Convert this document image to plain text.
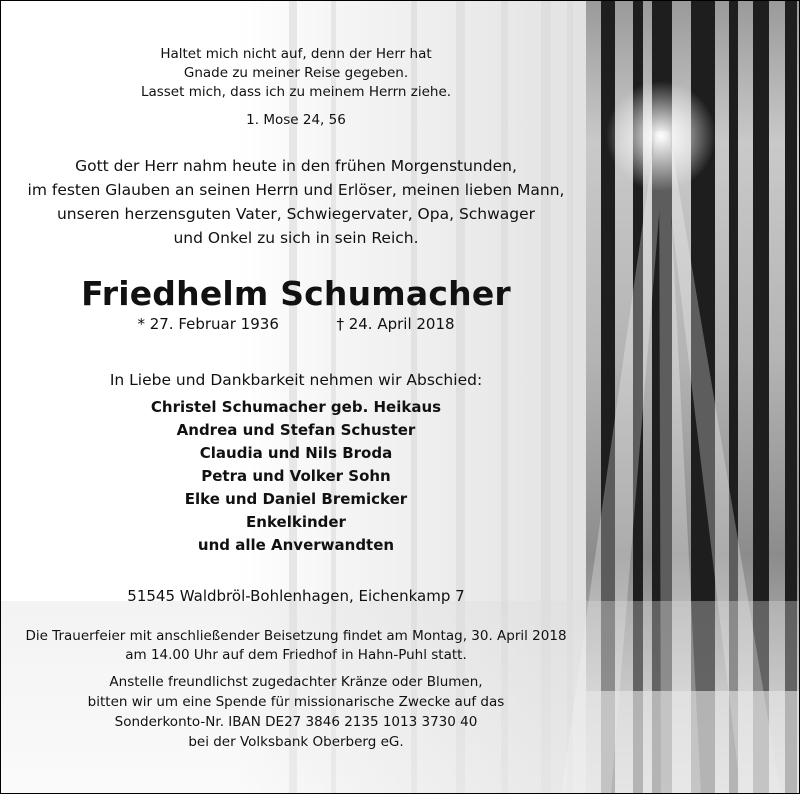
Haltet mich nicht auf, denn der Herr hat
Gnade zu meiner Reise gegeben.
Lasset mich, dass ich zu meinem Herrn ziehe.
1. Mose 24, 56
Gott der Herr nahm heute in den frühen Morgenstunden,
im festen Glauben an seinen Herrn und Erlöser, meinen lieben Mann,
unseren herzensguten Vater, Schwiegervater, Opa, Schwager
und Onkel zu sich in sein Reich.
Friedhelm Schumacher
* 27. Februar 1936	† 24. April 2018
In Liebe und Dankbarkeit nehmen wir Abschied:
Christel Schumacher geb. Heikaus
Andrea und Stefan Schuster
Claudia und Nils Broda
Petra und Volker Sohn
Elke und Daniel Bremicker
Enkelkinder
und alle Anverwandten
51545 Waldbröl-Bohlenhagen, Eichenkamp 7
Die Trauerfeier mit anschließender Beisetzung findet am Montag, 30. April 2018
am 14.00 Uhr auf dem Friedhof in Hahn-Puhl statt.
Anstelle freundlichst zugedachter Kränze oder Blumen,
bitten wir um eine Spende für missionarische Zwecke auf das
Sonderkonto-Nr. IBAN DE27 3846 2135 1013 3730 40
bei der Volksbank Oberberg eG.
